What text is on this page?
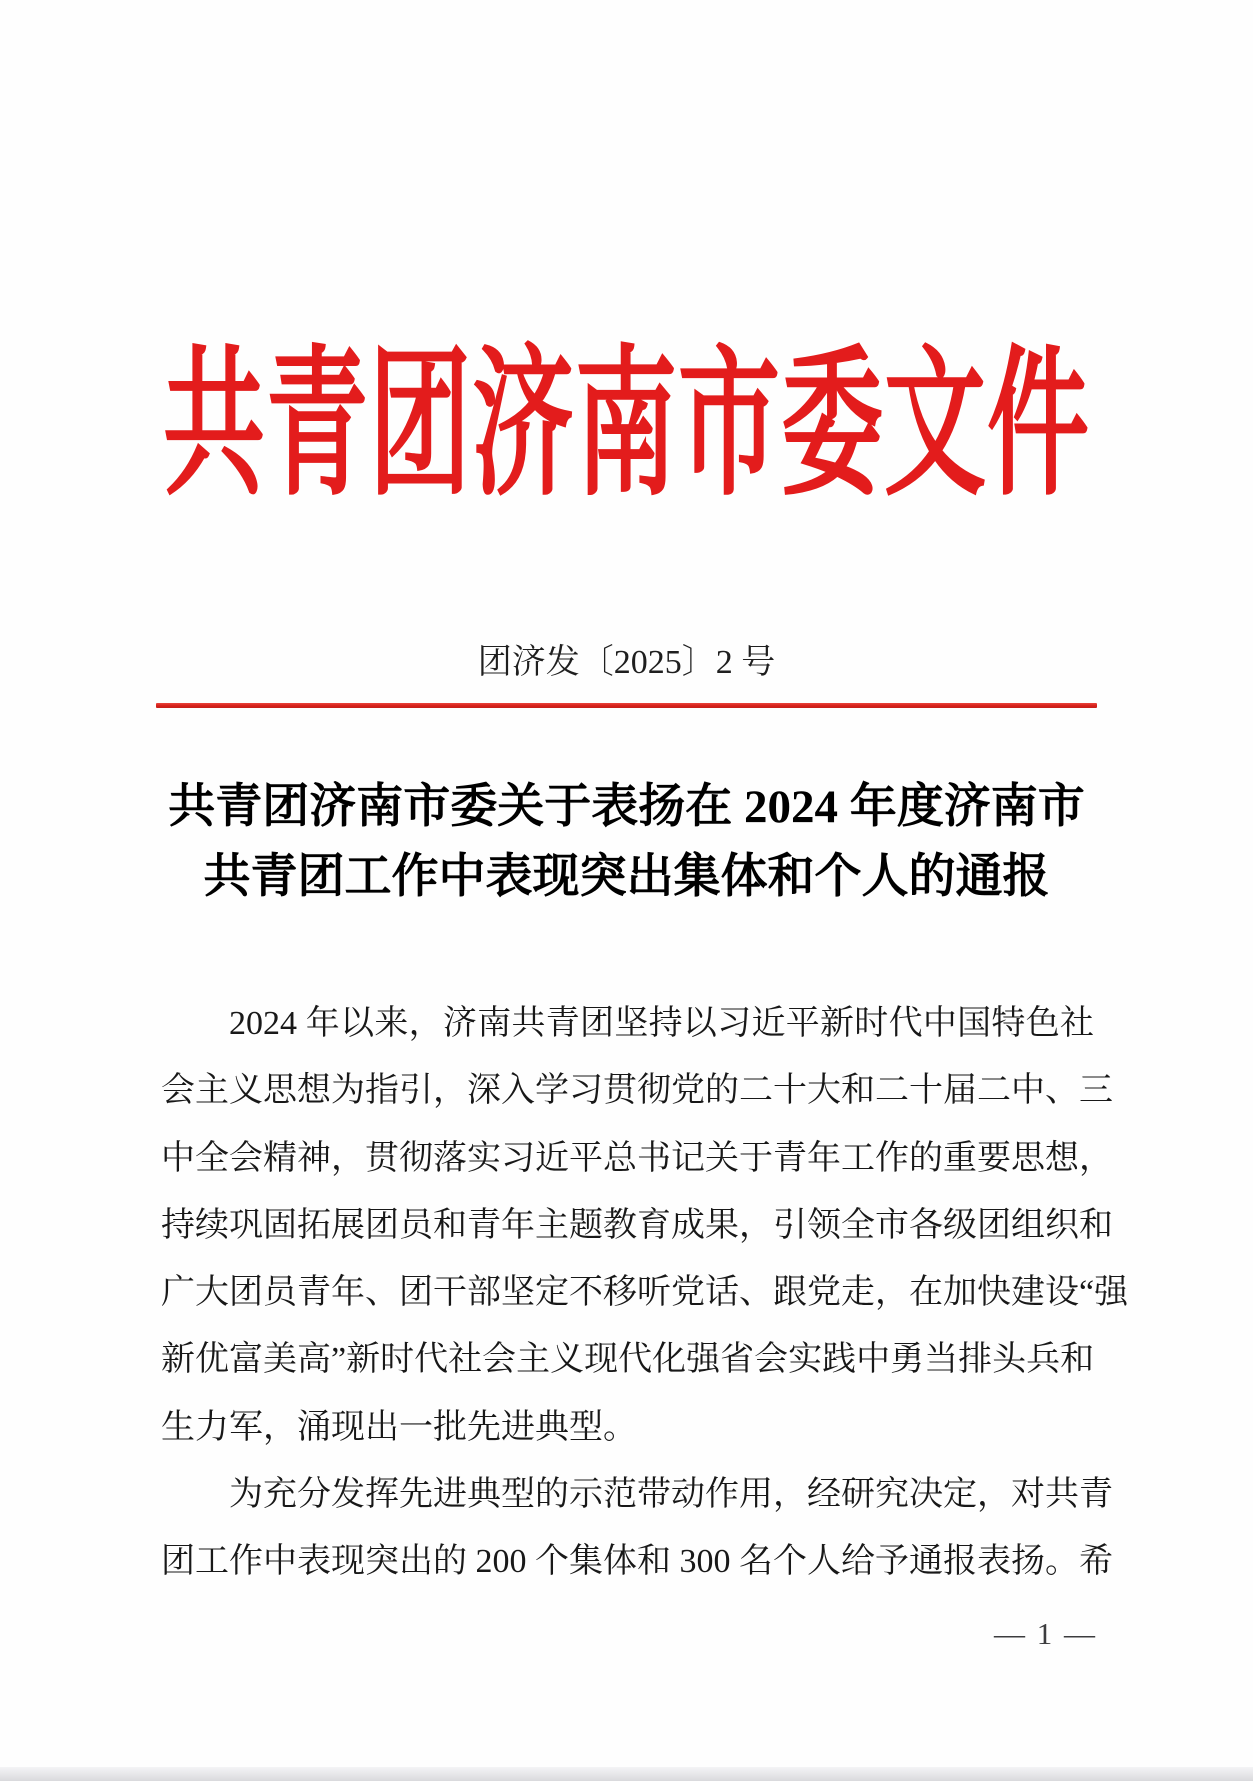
共青团济南市委文件
团济发〔2025〕2 号
共青团济南市委关于表扬在 2024 年度济南市
共青团工作中表现突出集体和个人的通报
2024 年以来，济南共青团坚持以习近平新时代中国特色社
会主义思想为指引，深入学习贯彻党的二十大和二十届二中、三
中全会精神，贯彻落实习近平总书记关于青年工作的重要思想，
持续巩固拓展团员和青年主题教育成果，引领全市各级团组织和
广大团员青年、团干部坚定不移听党话、跟党走，在加快建设“强
新优富美高”新时代社会主义现代化强省会实践中勇当排头兵和
生力军，涌现出一批先进典型。
为充分发挥先进典型的示范带动作用，经研究决定，对共青
团工作中表现突出的 200 个集体和 300 名个人给予通报表扬。希
— 1 —
